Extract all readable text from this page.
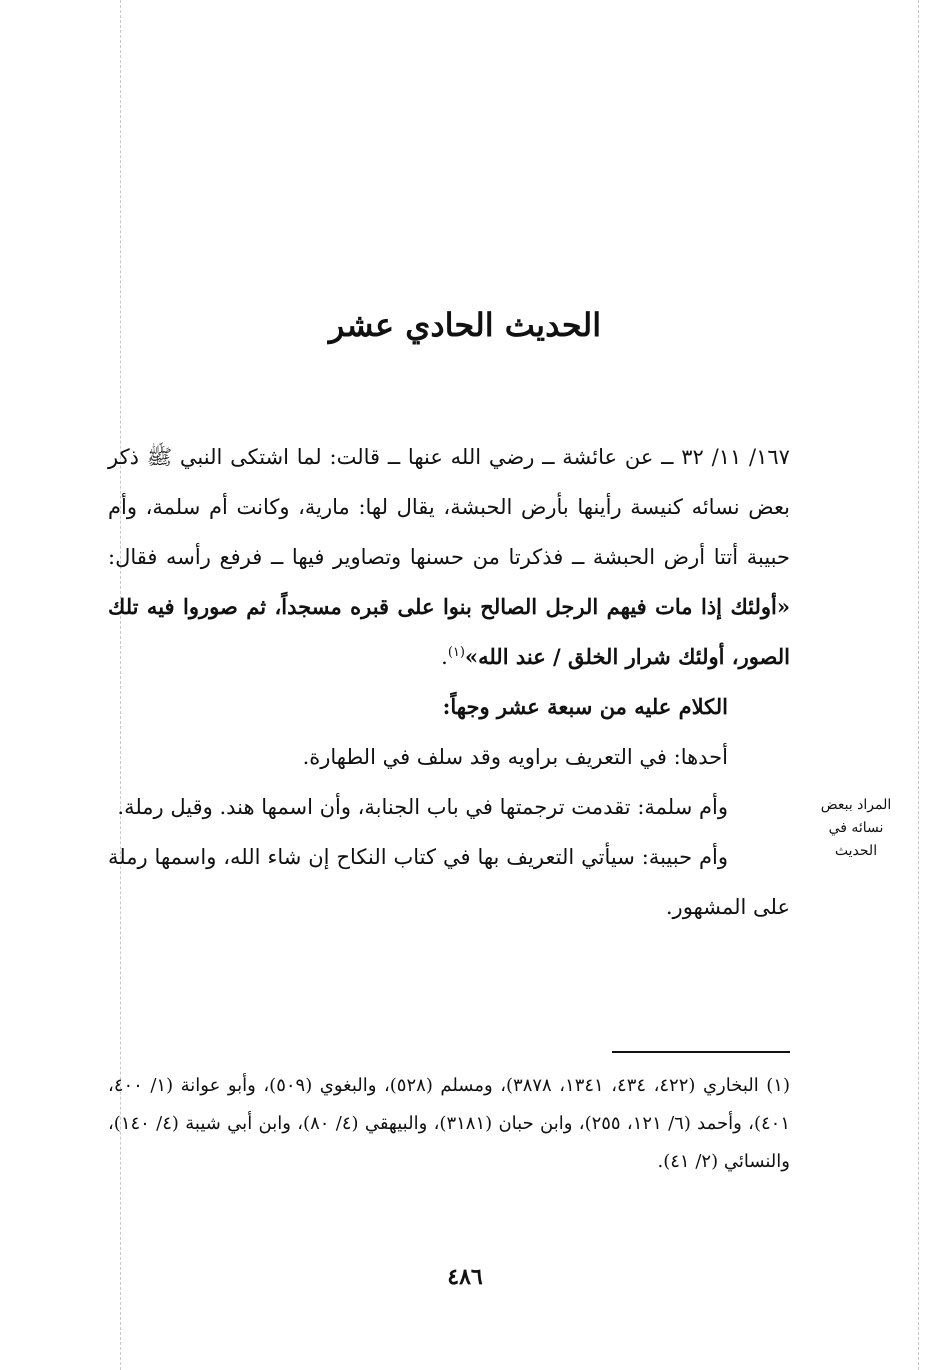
الحديث الحادي عشر

١٦٧/ ١١/ ٣٢ ــ عن عائشة ــ رضي الله عنها ــ قالت: لما اشتكى النبي ﷺ ذكر بعض نسائه كنيسة رأينها بأرض الحبشة، يقال لها: مارية، وكانت أم سلمة، وأم حبيبة أتتا أرض الحبشة ــ فذكرتا من حسنها وتصاوير فيها ــ فرفع رأسه فقال: «أولئك إذا مات فيهم الرجل الصالح بنوا على قبره مسجداً، ثم صوروا فيه تلك الصور، أولئك شرار الخلق / عند الله»$^{(١)}$.

الكلام عليه من سبعة عشر وجهاً:

أحدها: في التعريف براويه وقد سلف في الطهارة.

وأم سلمة: تقدمت ترجمتها في باب الجنابة، وأن اسمها هند. وقيل رملة.

وأم حبيبة: سيأتي التعريف بها في كتاب النكاح إن شاء الله، واسمها رملة على المشهور.

المراد ببعض نسائه في الحديث
(١) البخاري (٤٢٢، ٤٣٤، ١٣٤١، ٣٨٧٨)، ومسلم (٥٢٨)، والبغوي (٥٠٩)، وأبو عوانة (١/ ٤٠٠، ٤٠١)، وأحمد (٦/ ١٢١، ٢٥٥)، وابن حبان (٣١٨١)، والبيهقي (٤/ ٨٠)، وابن أبي شيبة (٤/ ١٤٠)، والنسائي (٢/ ٤١).
٤٨٦
